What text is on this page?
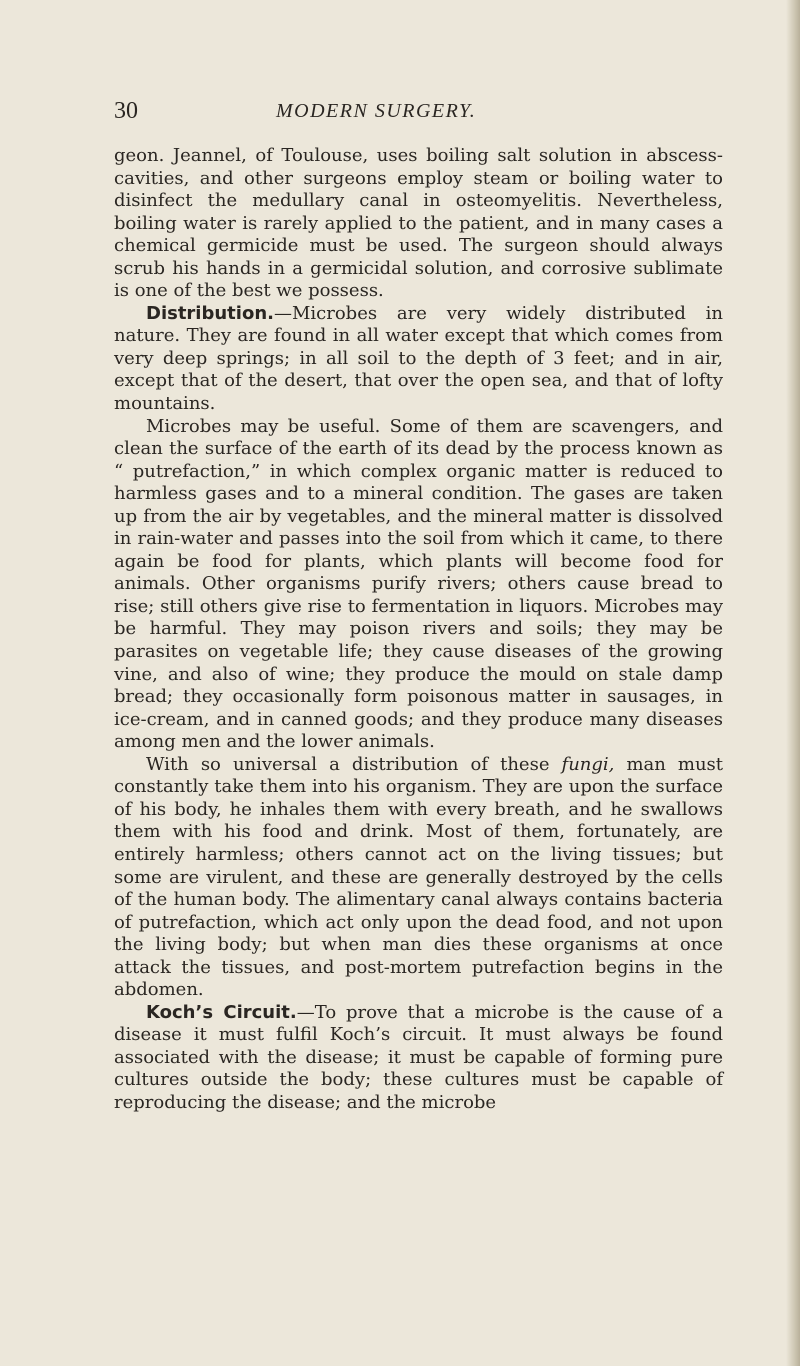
30	MODERN SURGERY.

geon. Jeannel, of Toulouse, uses boiling salt solution in abscess-cavities, and other surgeons employ steam or boiling water to disinfect the medullary canal in osteomyelitis. Nevertheless, boiling water is rarely applied to the patient, and in many cases a chemical germicide must be used. The surgeon should always scrub his hands in a germicidal solution, and corrosive sublimate is one of the best we possess.

Distribution.—Microbes are very widely distributed in nature. They are found in all water except that which comes from very deep springs; in all soil to the depth of 3 feet; and in air, except that of the desert, that over the open sea, and that of lofty mountains.

Microbes may be useful. Some of them are scavengers, and clean the surface of the earth of its dead by the process known as “ putrefaction,” in which complex organic matter is reduced to harmless gases and to a mineral condition. The gases are taken up from the air by vegetables, and the mineral matter is dissolved in rain-water and passes into the soil from which it came, to there again be food for plants, which plants will become food for animals. Other organisms purify rivers; others cause bread to rise; still others give rise to fermentation in liquors. Microbes may be harmful. They may poison rivers and soils; they may be parasites on vegetable life; they cause diseases of the growing vine, and also of wine; they produce the mould on stale damp bread; they occasionally form poisonous matter in sausages, in ice-cream, and in canned goods; and they produce many diseases among men and the lower animals.

With so universal a distribution of these fungi, man must constantly take them into his organism. They are upon the surface of his body, he inhales them with every breath, and he swallows them with his food and drink. Most of them, fortunately, are entirely harmless; others cannot act on the living tissues; but some are virulent, and these are generally destroyed by the cells of the human body. The alimentary canal always contains bacteria of putrefaction, which act only upon the dead food, and not upon the living body; but when man dies these organisms at once attack the tissues, and post-mortem putrefaction begins in the abdomen.

Koch’s Circuit.—To prove that a microbe is the cause of a disease it must fulfil Koch’s circuit. It must always be found associated with the disease; it must be capable of forming pure cultures outside the body; these cultures must be capable of reproducing the disease; and the microbe
